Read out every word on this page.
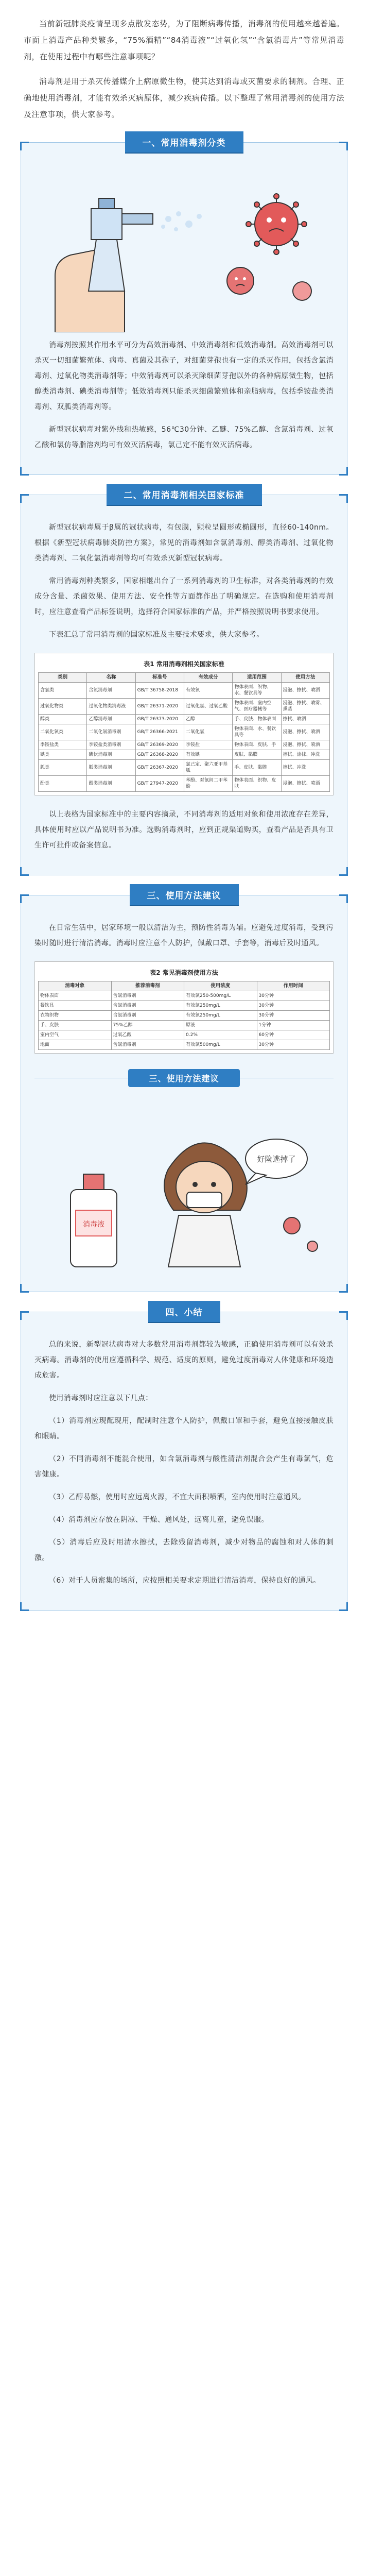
当前新冠肺炎疫情呈现多点散发态势，为了阻断病毒传播，消毒剂的使用越来越普遍。市面上消毒产品种类繁多，“75%酒精”“84消毒液”“过氧化氢”“含氯消毒片”等常见消毒剂，在使用过程中有哪些注意事项呢？

消毒剂是用于杀灭传播媒介上病原微生物，使其达到消毒或灭菌要求的制剂。合理、正确地使用消毒剂，才能有效杀灭病原体，减少疾病传播。以下整理了常用消毒剂的使用方法及注意事项，供大家参考。

一、常用消毒剂分类

消毒剂按照其作用水平可分为高效消毒剂、中效消毒剂和低效消毒剂。高效消毒剂可以杀灭一切细菌繁殖体、病毒、真菌及其孢子，对细菌芽孢也有一定的杀灭作用，包括含氯消毒剂、过氧化物类消毒剂等；中效消毒剂可以杀灭除细菌芽孢以外的各种病原微生物，包括醇类消毒剂、碘类消毒剂等；低效消毒剂只能杀灭细菌繁殖体和亲脂病毒，包括季铵盐类消毒剂、双胍类消毒剂等。

新型冠状病毒对紫外线和热敏感，56℃30分钟、乙醚、75%乙醇、含氯消毒剂、过氧乙酸和氯仿等脂溶剂均可有效灭活病毒，氯己定不能有效灭活病毒。

二、常用消毒剂相关国家标准

新型冠状病毒属于β属的冠状病毒，有包膜，颗粒呈圆形或椭圆形，直径60-140nm。根据《新型冠状病毒肺炎防控方案》，常见的消毒剂如含氯消毒剂、醇类消毒剂、过氧化物类消毒剂、二氧化氯消毒剂等均可有效杀灭新型冠状病毒。

常用消毒剂种类繁多，国家相继出台了一系列消毒剂的卫生标准，对各类消毒剂的有效成分含量、杀菌效果、使用方法、安全性等方面都作出了明确规定。在选购和使用消毒剂时，应注意查看产品标签说明，选择符合国家标准的产品，并严格按照说明书要求使用。

下表汇总了常用消毒剂的国家标准及主要技术要求，供大家参考。

表1 常用消毒剂相关国家标准
类别	名称	标准号	有效成分	适用范围	使用方法
含氯类	含氯消毒剂	GB/T 36758-2018	有效氯	物体表面、织物、水、餐饮具等	浸泡、擦拭、喷洒
过氧化物类	过氧化物类消毒液	GB/T 26371-2020	过氧化氢、过氧乙酸	物体表面、室内空气、医疗器械等	浸泡、擦拭、喷雾、熏蒸
醇类	乙醇消毒剂	GB/T 26373-2020	乙醇	手、皮肤、物体表面	擦拭、喷洒
二氧化氯类	二氧化氯消毒剂	GB/T 26366-2021	二氧化氯	物体表面、水、餐饮具等	浸泡、擦拭、喷洒
季铵盐类	季铵盐类消毒剂	GB/T 26369-2020	季铵盐	物体表面、皮肤、手	浸泡、擦拭、喷洒
碘类	碘伏消毒剂	GB/T 26368-2020	有效碘	皮肤、黏膜	擦拭、涂抹、冲洗
胍类	胍类消毒剂	GB/T 26367-2020	氯己定、聚六亚甲基胍	手、皮肤、黏膜	擦拭、冲洗
酚类	酚类消毒剂	GB/T 27947-2020	苯酚、对氯间二甲苯酚	物体表面、织物、皮肤	浸泡、擦拭、喷洒

以上表格为国家标准中的主要内容摘录，不同消毒剂的适用对象和使用浓度存在差异，具体使用时应以产品说明书为准。选购消毒剂时，应到正规渠道购买，查看产品是否具有卫生许可批件或备案信息。

三、使用方法建议

在日常生活中，居家环境一般以清洁为主，预防性消毒为辅。应避免过度消毒，受到污染时随时进行清洁消毒。消毒时应注意个人防护，佩戴口罩、手套等，消毒后及时通风。

表2 常见消毒剂使用方法
消毒对象	推荐消毒剂	使用浓度	作用时间
物体表面	含氯消毒剂	有效氯250-500mg/L	30分钟
餐饮具	含氯消毒剂	有效氯250mg/L	30分钟
衣物织物	含氯消毒剂	有效氯250mg/L	30分钟
手、皮肤	75%乙醇	原液	1分钟
室内空气	过氧乙酸	0.2%	60分钟
地面	含氯消毒剂	有效氯500mg/L	30分钟
三、使用方法建议
消毒液
好险逃掉了
四、小结

总的来说，新型冠状病毒对大多数常用消毒剂都较为敏感，正确使用消毒剂可以有效杀灭病毒。消毒剂的使用应遵循科学、规范、适度的原则，避免过度消毒对人体健康和环境造成危害。

使用消毒剂时应注意以下几点：

（1）消毒剂应现配现用，配制时注意个人防护，佩戴口罩和手套，避免直接接触皮肤和眼睛。

（2）不同消毒剂不能混合使用，如含氯消毒剂与酸性清洁剂混合会产生有毒氯气，危害健康。

（3）乙醇易燃，使用时应远离火源，不宜大面积喷洒，室内使用时注意通风。

（4）消毒剂应存放在阴凉、干燥、通风处，远离儿童，避免误服。

（5）消毒后应及时用清水擦拭，去除残留消毒剂，减少对物品的腐蚀和对人体的刺激。

（6）对于人员密集的场所，应按照相关要求定期进行清洁消毒，保持良好的通风。
